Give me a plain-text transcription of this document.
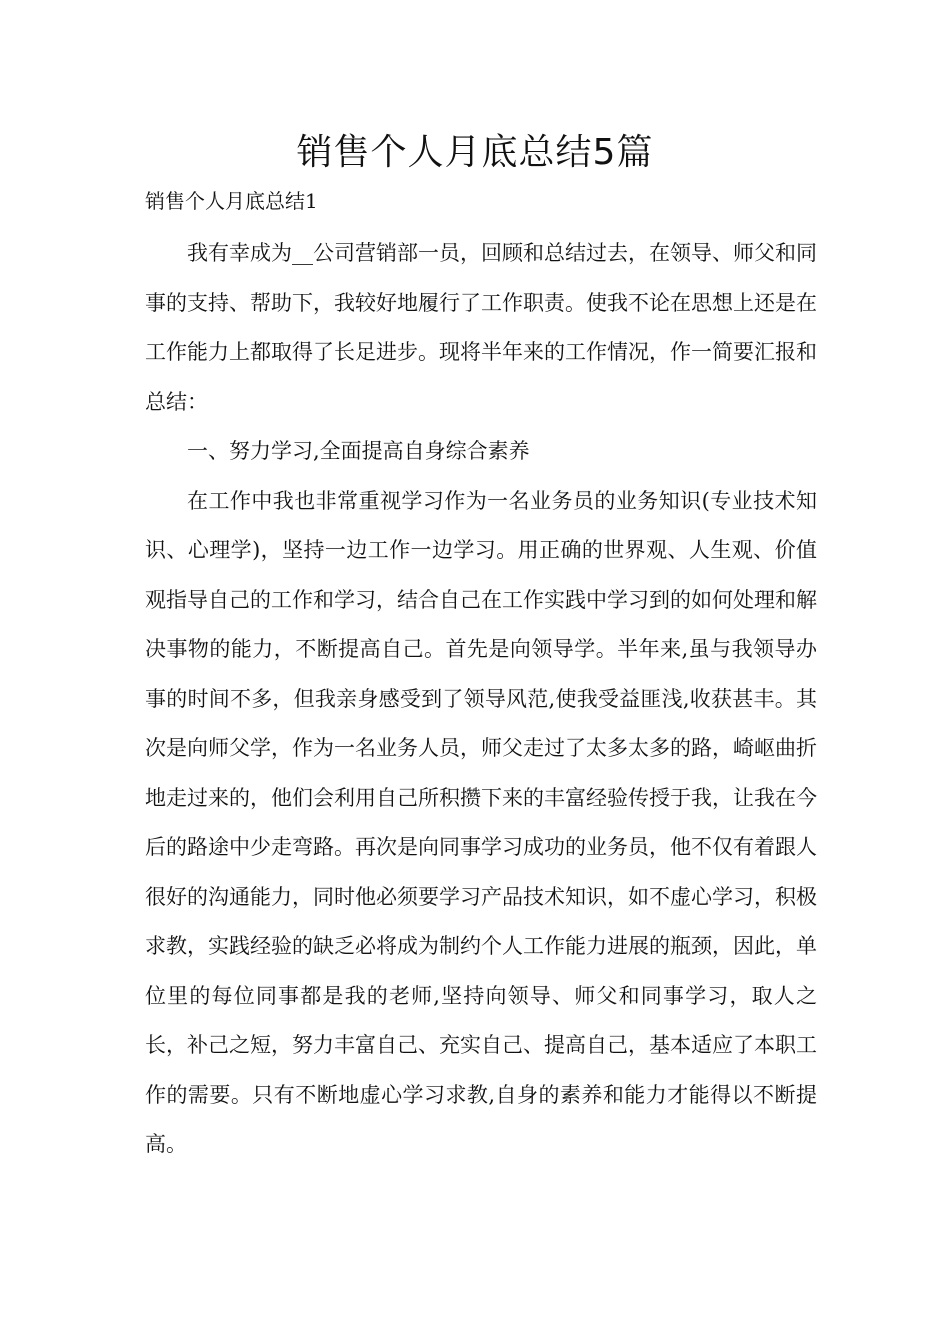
销售个人月底总结5篇
销售个人月底总结1

我有幸成为__公司营销部一员，回顾和总结过去，在领导、师父和同事的支持、帮助下，我较好地履行了工作职责。使我不论在思想上还是在工作能力上都取得了长足进步。现将半年来的工作情况，作一简要汇报和总结：

一、努力学习,全面提高自身综合素养

在工作中我也非常重视学习作为一名业务员的业务知识(专业技术知识、心理学)，坚持一边工作一边学习。用正确的世界观、人生观、价值观指导自己的工作和学习，结合自己在工作实践中学习到的如何处理和解决事物的能力，不断提高自己。首先是向领导学。半年来,虽与我领导办事的时间不多，但我亲身感受到了领导风范,使我受益匪浅,收获甚丰。其次是向师父学，作为一名业务人员，师父走过了太多太多的路，崎岖曲折地走过来的，他们会利用自己所积攒下来的丰富经验传授于我，让我在今后的路途中少走弯路。再次是向同事学习成功的业务员，他不仅有着跟人很好的沟通能力，同时他必须要学习产品技术知识，如不虚心学习，积极求教，实践经验的缺乏必将成为制约个人工作能力进展的瓶颈，因此，单位里的每位同事都是我的老师,坚持向领导、师父和同事学习，取人之长，补己之短，努力丰富自己、充实自己、提高自己，基本适应了本职工作的需要。只有不断地虚心学习求教,自身的素养和能力才能得以不断提高。
